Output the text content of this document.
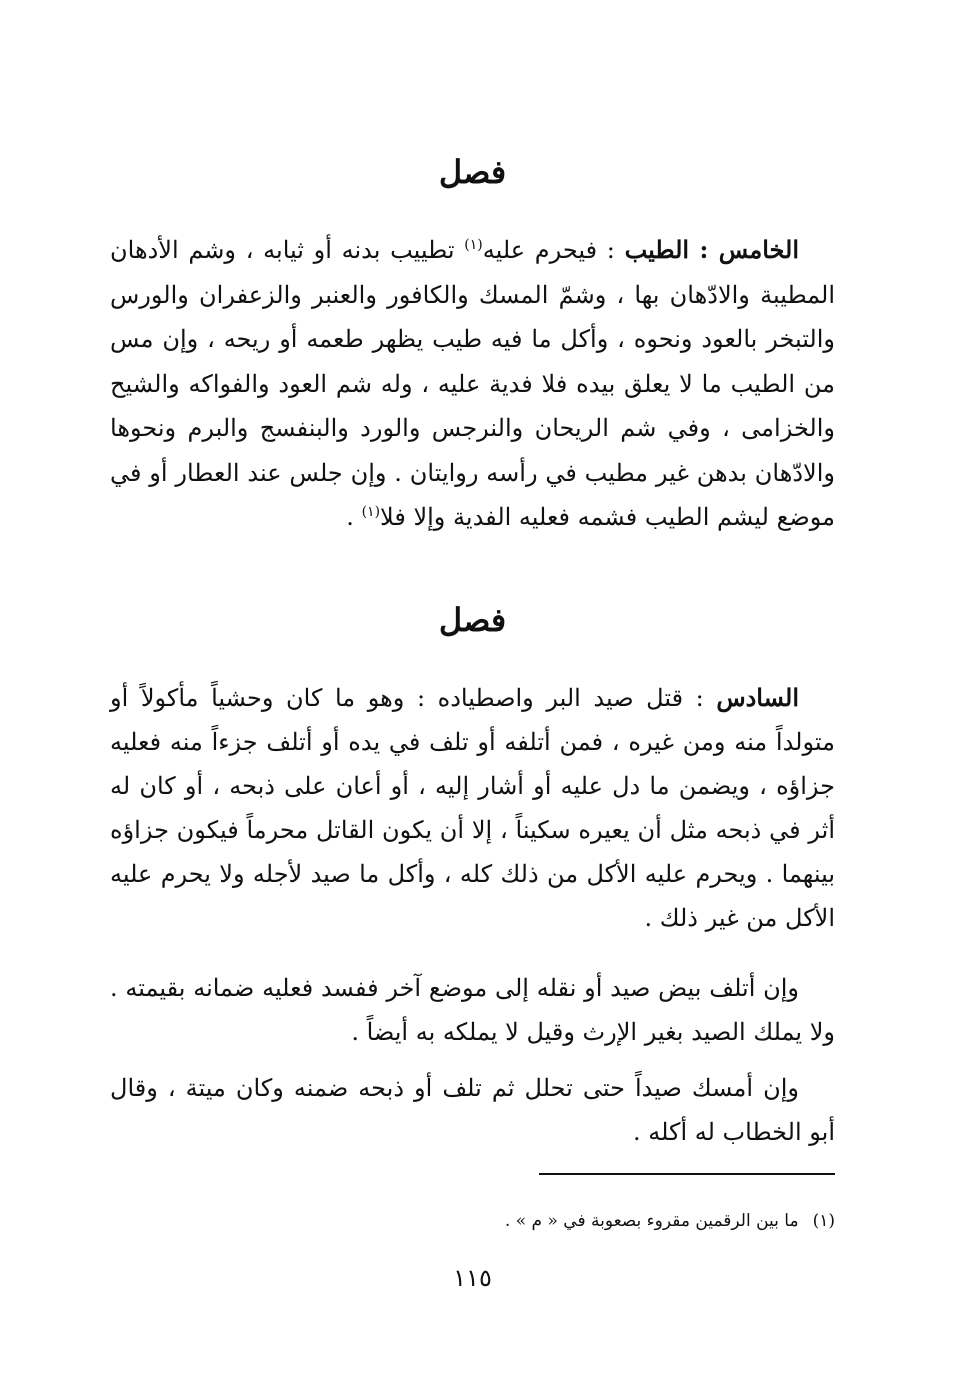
فصل

الخامس : الطيب : فيحرم عليه$^{(١)}$ تطييب بدنه أو ثيابه ، وشم الأدهان المطيبة والادّهان بها ، وشمّ المسك والكافور والعنبر والزعفران والورس والتبخر بالعود ونحوه ، وأكل ما فيه طيب يظهر طعمه أو ريحه ، وإن مس من الطيب ما لا يعلق بيده فلا فدية عليه ، وله شم العود والفواكه والشيح والخزامى ، وفي شم الريحان والنرجس والورد والبنفسج والبرم ونحوها والادّهان بدهن غير مطيب في رأسه روايتان . وإن جلس عند العطار أو في موضع ليشم الطيب فشمه فعليه الفدية وإلا فلا$^{(١)}$ .

فصل

السادس : قتل صيد البر واصطياده : وهو ما كان وحشياً مأكولاً أو متولداً منه ومن غيره ، فمن أتلفه أو تلف في يده أو أتلف جزءاً منه فعليه جزاؤه ، ويضمن ما دل عليه أو أشار إليه ، أو أعان على ذبحه ، أو كان له أثر في ذبحه مثل أن يعيره سكيناً ، إلا أن يكون القاتل محرماً فيكون جزاؤه بينهما . ويحرم عليه الأكل من ذلك كله ، وأكل ما صيد لأجله ولا يحرم عليه الأكل من غير ذلك .

وإن أتلف بيض صيد أو نقله إلى موضع آخر ففسد فعليه ضمانه بقيمته . ولا يملك الصيد بغير الإرث وقيل لا يملكه به أيضاً .

وإن أمسك صيداً حتى تحلل ثم تلف أو ذبحه ضمنه وكان ميتة ، وقال أبو الخطاب له أكله .

(١)ما بين الرقمين مقروء بصعوبة في « م » .
١١٥
